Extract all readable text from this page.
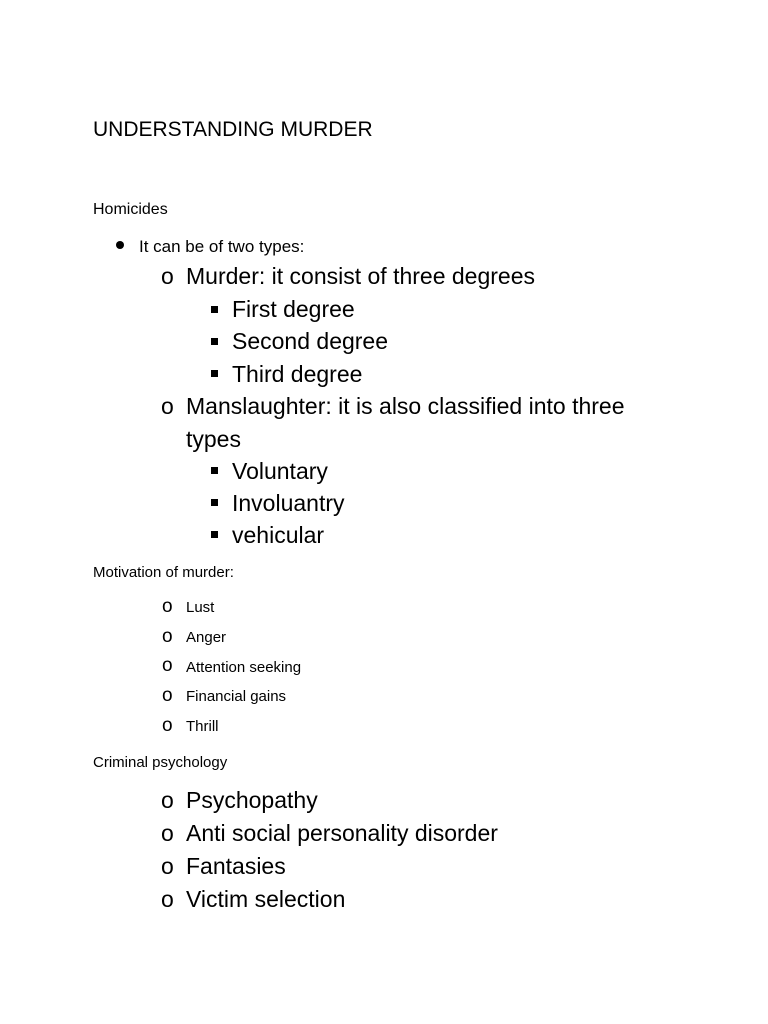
UNDERSTANDING MURDER
Homicides
It can be of two types:
o Murder: it consist of three degrees
First degree
Second degree
Third degree
o Manslaughter: it is also classified into three
types
Voluntary
Involuantry
vehicular
Motivation of murder:
o Lust
o Anger
o Attention seeking
o Financial gains
o Thrill
Criminal psychology
o Psychopathy
o Anti social personality disorder
o Fantasies
o Victim selection
